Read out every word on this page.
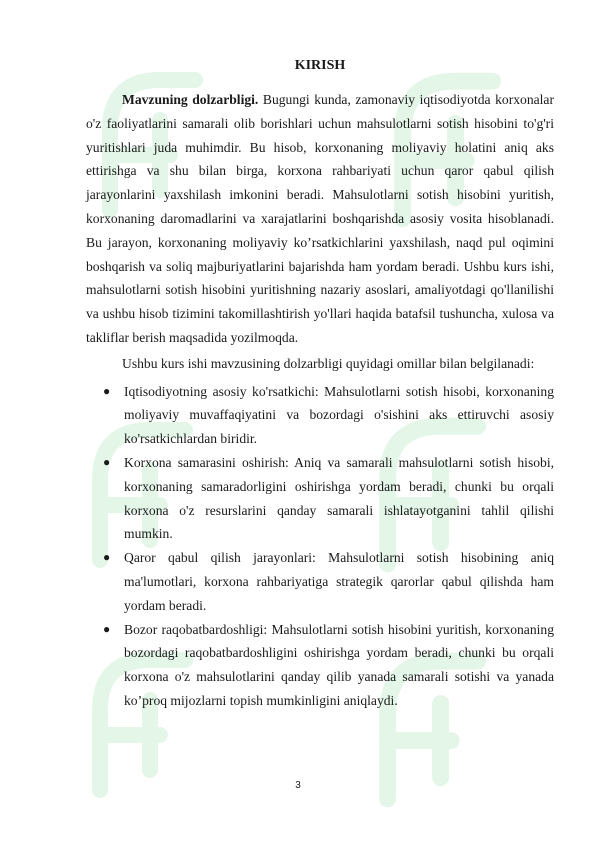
KIRISH

Mavzuning dolzarbligi. Bugungi kunda, zamonaviy iqtisodiyotda korxonalar o'z faoliyatlarini samarali olib borishlari uchun mahsulotlarni sotish hisobini to'g'ri yuritishlari juda muhimdir. Bu hisob, korxonaning moliyaviy holatini aniq aks ettirishga va shu bilan birga, korxona rahbariyati uchun qaror qabul qilish jarayonlarini yaxshilash imkonini beradi. Mahsulotlarni sotish hisobini yuritish, korxonaning daromadlarini va xarajatlarini boshqarishda asosiy vosita hisoblanadi. Bu jarayon, korxonaning moliyaviy ko’rsatkichlarini yaxshilash, naqd pul oqimini boshqarish va soliq majburiyatlarini bajarishda ham yordam beradi. Ushbu kurs ishi, mahsulotlarni sotish hisobini yuritishning nazariy asoslari, amaliyotdagi qo'llanilishi va ushbu hisob tizimini takomillashtirish yo'llari haqida batafsil tushuncha, xulosa va takliflar berish maqsadida yozilmoqda.

Ushbu kurs ishi mavzusining dolzarbligi quyidagi omillar bilan belgilanadi:

● Iqtisodiyotning asosiy ko'rsatkichi: Mahsulotlarni sotish hisobi, korxonaning moliyaviy muvaffaqiyatini va bozordagi o'sishini aks ettiruvchi asosiy ko'rsatkichlardan biridir.
● Korxona samarasini oshirish: Aniq va samarali mahsulotlarni sotish hisobi, korxonaning samaradorligini oshirishga yordam beradi, chunki bu orqali korxona o'z resurslarini qanday samarali ishlatayotganini tahlil qilishi mumkin.
● Qaror qabul qilish jarayonlari: Mahsulotlarni sotish hisobining aniq ma'lumotlari, korxona rahbariyatiga strategik qarorlar qabul qilishda ham yordam beradi.
● Bozor raqobatbardoshligi: Mahsulotlarni sotish hisobini yuritish, korxonaning bozordagi raqobatbardoshligini oshirishga yordam beradi, chunki bu orqali korxona o'z mahsulotlarini qanday qilib yanada samarali sotishi va yanada ko’proq mijozlarni topish mumkinligini aniqlaydi.
3
